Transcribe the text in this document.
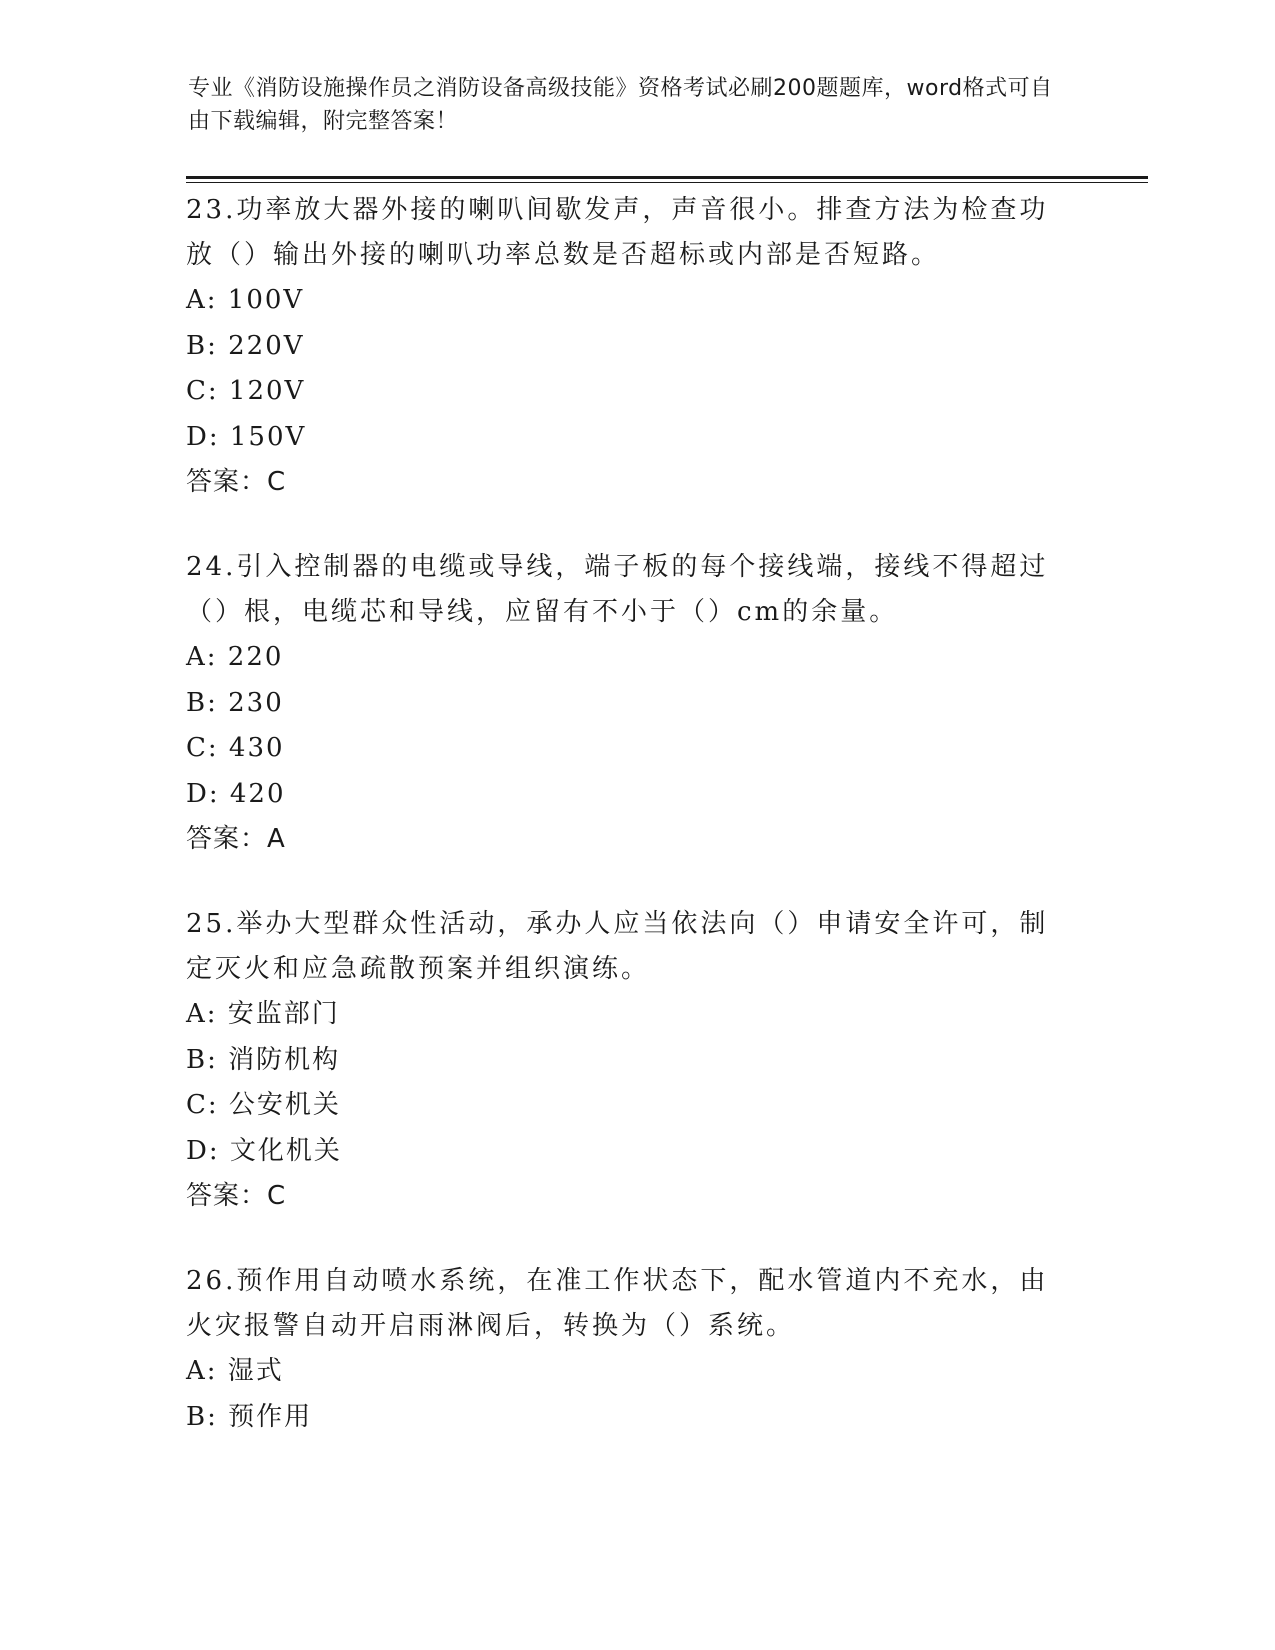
专业《消防设施操作员之消防设备高级技能》资格考试必刷200题题库，word格式可自由下载编辑，附完整答案！

23.功率放大器外接的喇叭间歇发声，声音很小。排查方法为检查功放（）输出外接的喇叭功率总数是否超标或内部是否短路。

A: 100V

B: 220V

C: 120V

D: 150V

答案：C

24.引入控制器的电缆或导线，端子板的每个接线端，接线不得超过（）根，电缆芯和导线，应留有不小于（）cm的余量。

A: 220

B: 230

C: 430

D: 420

答案：A

25.举办大型群众性活动，承办人应当依法向（）申请安全许可，制定灭火和应急疏散预案并组织演练。

A: 安监部门

B: 消防机构

C: 公安机关

D: 文化机关

答案：C

26.预作用自动喷水系统，在准工作状态下，配水管道内不充水，由火灾报警自动开启雨淋阀后，转换为（）系统。

A: 湿式

B: 预作用
